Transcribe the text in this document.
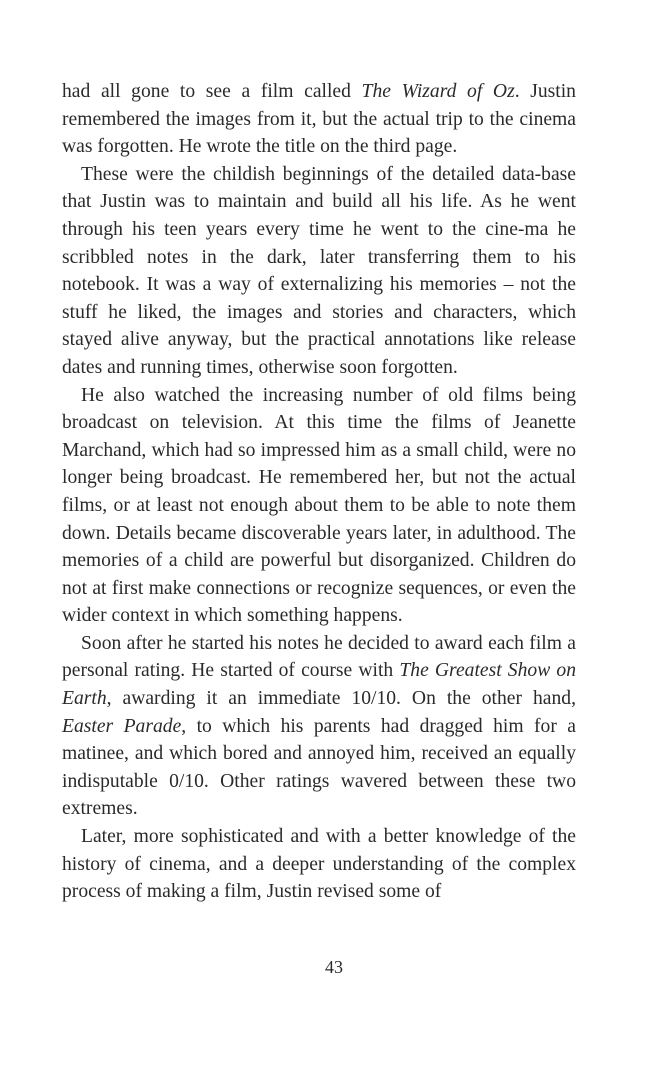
had all gone to see a film called The Wizard of Oz. Justin remembered the images from it, but the actual trip to the cinema was forgotten. He wrote the title on the third page.

These were the childish beginnings of the detailed data-base that Justin was to maintain and build all his life. As he went through his teen years every time he went to the cine-ma he scribbled notes in the dark, later transferring them to his notebook. It was a way of externalizing his memories – not the stuff he liked, the images and stories and characters, which stayed alive anyway, but the practical annotations like release dates and running times, otherwise soon forgotten.

He also watched the increasing number of old films being broadcast on television. At this time the films of Jeanette Marchand, which had so impressed him as a small child, were no longer being broadcast. He remembered her, but not the actual films, or at least not enough about them to be able to note them down. Details became discoverable years later, in adulthood. The memories of a child are powerful but disorganized. Children do not at first make connections or recognize sequences, or even the wider context in which something happens.

Soon after he started his notes he decided to award each film a personal rating. He started of course with The Greatest Show on Earth, awarding it an immediate 10/10. On the other hand, Easter Parade, to which his parents had dragged him for a matinee, and which bored and annoyed him, received an equally indisputable 0/10. Other ratings wavered between these two extremes.

Later, more sophisticated and with a better knowledge of the history of cinema, and a deeper understanding of the complex process of making a film, Justin revised some of

43
